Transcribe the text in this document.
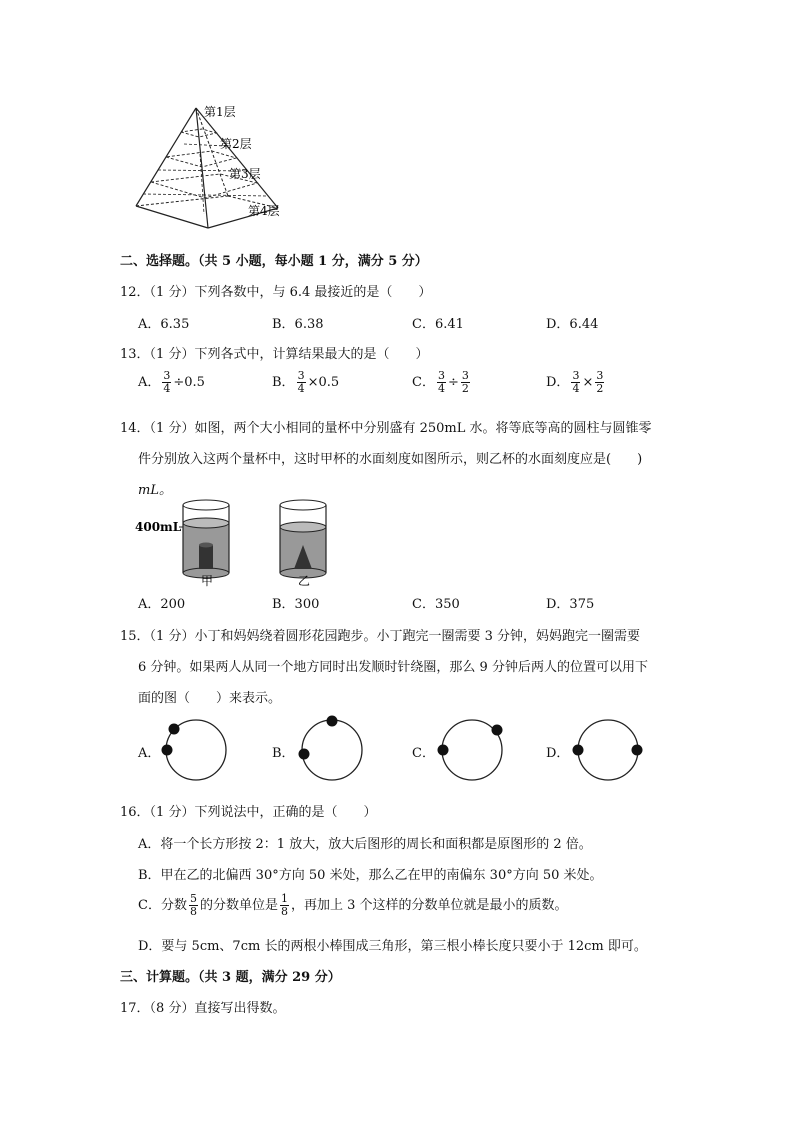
第1层
第2层
第3层
第4层
二、选择题。（共 5 小题，每小题 1 分，满分 5 分）
12．（1 分）下列各数中，与 6.4 最接近的是（　　）
A．6.35	B．6.38	C．6.41	D．6.44
13．（1 分）下列各式中，计算结果最大的是（　　）
A． $\frac{3}{4} \div 0.5$	B． $\frac{3}{4} \times 0.5$	C． $\frac{3}{4} \div \frac{3}{2}$	D． $\frac{3}{4} \times \frac{3}{2}$
14．（1 分）如图，两个大小相同的量杯中分别盛有 250mL 水。将等底等高的圆柱与圆锥零
件分别放入这两个量杯中，这时甲杯的水面刻度如图所示，则乙杯的水面刻度应是(　　)
mL。
400mL
甲	乙
A．200	B．300	C．350	D．375
15．（1 分）小丁和妈妈绕着圆形花园跑步。小丁跑完一圈需要 3 分钟，妈妈跑完一圈需要
6 分钟。如果两人从同一个地方同时出发顺时针绕圈，那么 9 分钟后两人的位置可以用下
面的图（　　）来表示。
A．	B．	C．	D．
16．（1 分）下列说法中，正确的是（　　）
A．将一个长方形按 2：1 放大，放大后图形的周长和面积都是原图形的 2 倍。
B．甲在乙的北偏西 30°方向 50 米处，那么乙在甲的南偏东 30°方向 50 米处。
C．分数 $\frac{5}{8}$ 的分数单位是 $\frac{1}{8}$ ，再加上 3 个这样的分数单位就是最小的质数。
D．要与 5cm、7cm 长的两根小棒围成三角形，第三根小棒长度只要小于 12cm 即可。
三、计算题。（共 3 题，满分 29 分）
17．（8 分）直接写出得数。
